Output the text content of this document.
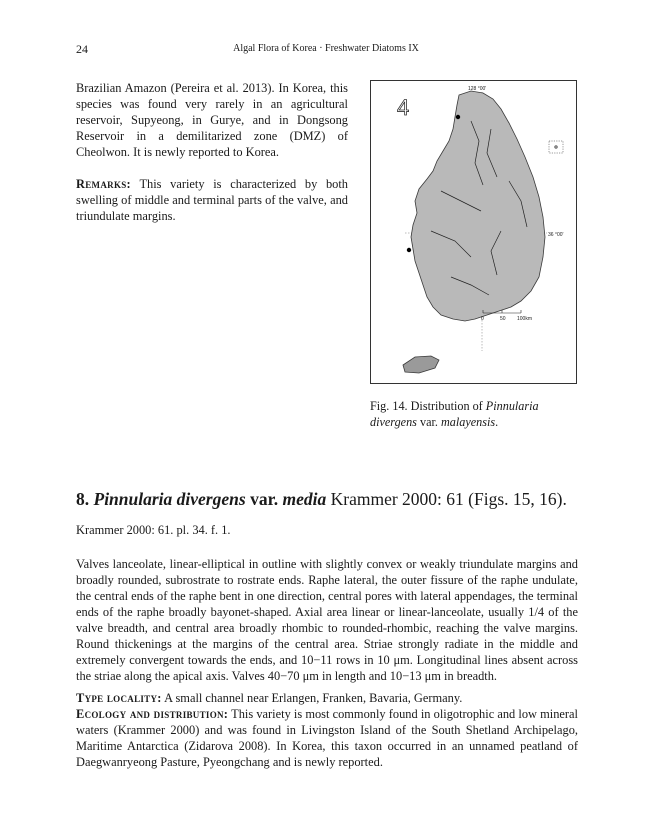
24	Algal Flora of Korea · Freshwater Diatoms IX

Brazilian Amazon (Pereira et al. 2013). In Korea, this species was found very rarely in an agricultural reservoir, Supyeong, in Gurye, and in Dongsong Reservoir in a demilitarized zone (DMZ) of Cheolwon. It is newly reported to Korea.

Remarks: This variety is characterized by both swelling of middle and terminal parts of the valve, and triundulate margins.

4
128 °00'
36 °00'
0	50 100km
Fig. 14. Distribution of Pinnularia divergens var. malayensis.
8. Pinnularia divergens var. media Krammer 2000: 61 (Figs. 15, 16).
Krammer 2000: 61. pl. 34. f. 1.

Valves lanceolate, linear-elliptical in outline with slightly convex or weakly triundulate margins and broadly rounded, subrostrate to rostrate ends. Raphe lateral, the outer fissure of the raphe undulate, the central ends of the raphe bent in one direction, central pores with lateral appendages, the terminal ends of the raphe broadly bayonet-shaped. Axial area linear or linear-lanceolate, usually 1/4 of the valve breadth, and central area broadly rhombic to rounded-rhombic, reaching the valve margins. Round thickenings at the margins of the central area. Striae strongly radiate in the middle and extremely convergent towards the ends, and 10−11 rows in 10 μm. Longitudinal lines absent across the striae along the apical axis. Valves 40−70 μm in length and 10−13 μm in breadth.

Type locality: A small channel near Erlangen, Franken, Bavaria, Germany.
Ecology and distribution: This variety is most commonly found in oligotrophic and low mineral waters (Krammer 2000) and was found in Livingston Island of the South Shetland Archipelago, Maritime Antarctica (Zidarova 2008). In Korea, this taxon occurred in an unnamed peatland of Daegwanryeong Pasture, Pyeongchang and is newly reported.
